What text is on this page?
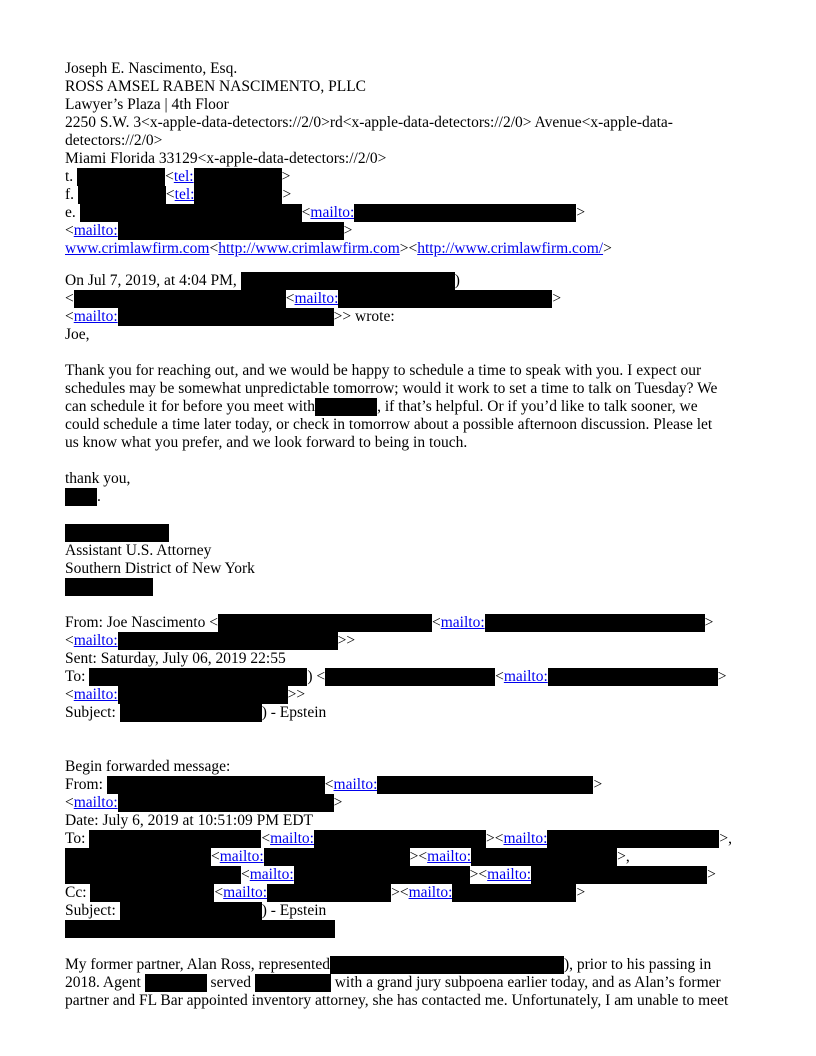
Joseph E. Nascimento, Esq.
ROSS AMSEL RABEN NASCIMENTO, PLLC
Lawyer’s Plaza | 4th Floor
2250 S.W. 3<x-apple-data-detectors://2/0>rd<x-apple-data-detectors://2/0> Avenue<x-apple-data-
detectors://2/0>
Miami Florida 33129<x-apple-data-detectors://2/0>
t.	<tel:	>
f.	<tel:	>
e.	<mailto:	>
<mailto:	>
www.crimlawfirm.com<http://www.crimlawfirm.com><http://www.crimlawfirm.com/>
On Jul 7, 2019, at 4:04 PM,	)
<	<mailto:	>
<mailto:	>> wrote:
Joe,
Thank you for reaching out, and we would be happy to schedule a time to speak with you. I expect our
schedules may be somewhat unpredictable tomorrow; would it work to set a time to talk on Tuesday? We
can schedule it for before you meet with	, if that’s helpful. Or if you’d like to talk sooner, we
could schedule a time later today, or check in tomorrow about a possible afternoon discussion. Please let
us know what you prefer, and we look forward to being in touch.
thank you,
.
Assistant U.S. Attorney
Southern District of New York
From: Joe Nascimento <	<mailto:	>
<mailto:	>>
Sent: Saturday, July 06, 2019 22:55
To:	) <	<mailto:	>
<mailto:	>>
Subject:	) - Epstein
Begin forwarded message:
From:	<mailto:	>
<mailto:	>
Date: July 6, 2019 at 10:51:09 PM EDT
To:	<mailto:	><mailto:	>,
<mailto:	><mailto:	>,
<mailto:	><mailto:	>
Cc:	<mailto:	><mailto:	>
Subject:	) - Epstein
My former partner, Alan Ross, represented	), prior to his passing in
2018. Agent	served	with a grand jury subpoena earlier today, and as Alan’s former
partner and FL Bar appointed inventory attorney, she has contacted me. Unfortunately, I am unable to meet
